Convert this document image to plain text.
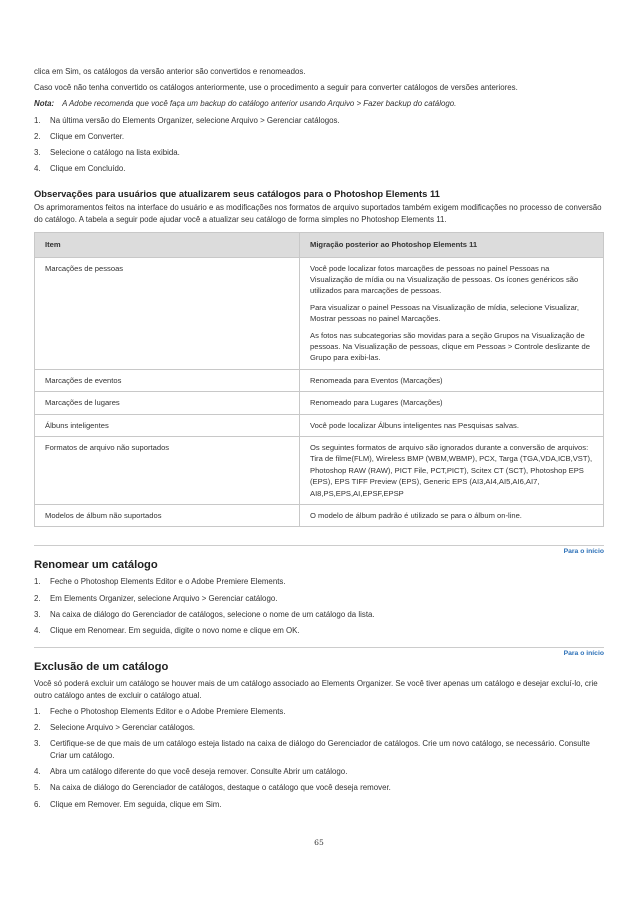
clica em Sim, os catálogos da versão anterior são convertidos e renomeados.

Caso você não tenha convertido os catálogos anteriormente, use o procedimento a seguir para converter catálogos de versões anteriores.

Nota: A Adobe recomenda que você faça um backup do catálogo anterior usando Arquivo > Fazer backup do catálogo.

1. Na última versão do Elements Organizer, selecione Arquivo > Gerenciar catálogos.
2. Clique em Converter.
3. Selecione o catálogo na lista exibida.
4. Clique em Concluído.
Observações para usuários que atualizarem seus catálogos para o Photoshop Elements 11

Os aprimoramentos feitos na interface do usuário e as modificações nos formatos de arquivo suportados também exigem modificações no processo de conversão do catálogo. A tabela a seguir pode ajudar você a atualizar seu catálogo de forma simples no Photoshop Elements 11.

Item	Migração posterior ao Photoshop Elements 11
Marcações de pessoas	Você pode localizar fotos marcações de pessoas no painel Pessoas na Visualização de mídia ou na Visualização de pessoas. Os ícones genéricos são utilizados para marcações de pessoas.

Para visualizar o painel Pessoas na Visualização de mídia, selecione Visualizar, Mostrar pessoas no painel Marcações.

As fotos nas subcategorias são movidas para a seção Grupos na Visualização de pessoas. Na Visualização de pessoas, clique em Pessoas > Controle deslizante de Grupo para exibi-las.

Marcações de eventos	Renomeada para Eventos (Marcações)

Marcações de lugares	Renomeado para Lugares (Marcações)

Álbuns inteligentes	Você pode localizar Álbuns inteligentes nas Pesquisas salvas.

Formatos de arquivo não suportados	Os seguintes formatos de arquivo são ignorados durante a conversão de arquivos: Tira de filme(FLM), Wireless BMP (WBM,WBMP), PCX, Targa (TGA,VDA,ICB,VST), Photoshop RAW (RAW), PICT File, PCT,PICT), Scitex CT (SCT), Photoshop EPS (EPS), EPS TIFF Preview (EPS), Generic EPS (AI3,AI4,AI5,AI6,AI7, AI8,PS,EPS,AI,EPSF,EPSP

Modelos de álbum não suportados	O modelo de álbum padrão é utilizado se para o álbum on-line.

Para o início
Renomear um catálogo
1. Feche o Photoshop Elements Editor e o Adobe Premiere Elements.
2. Em Elements Organizer, selecione Arquivo > Gerenciar catálogo.
3. Na caixa de diálogo do Gerenciador de catálogos, selecione o nome de um catálogo da lista.
4. Clique em Renomear. Em seguida, digite o novo nome e clique em OK.
Para o início
Exclusão de um catálogo

Você só poderá excluir um catálogo se houver mais de um catálogo associado ao Elements Organizer. Se você tiver apenas um catálogo e desejar excluí-lo, crie outro catálogo antes de excluir o catálogo atual.

1. Feche o Photoshop Elements Editor e o Adobe Premiere Elements.
2. Selecione Arquivo > Gerenciar catálogos.
3. Certifique-se de que mais de um catálogo esteja listado na caixa de diálogo do Gerenciador de catálogos. Crie um novo catálogo, se necessário. Consulte Criar um catálogo.
4. Abra um catálogo diferente do que você deseja remover. Consulte Abrir um catálogo.
5. Na caixa de diálogo do Gerenciador de catálogos, destaque o catálogo que você deseja remover.
6. Clique em Remover. Em seguida, clique em Sim.
65
